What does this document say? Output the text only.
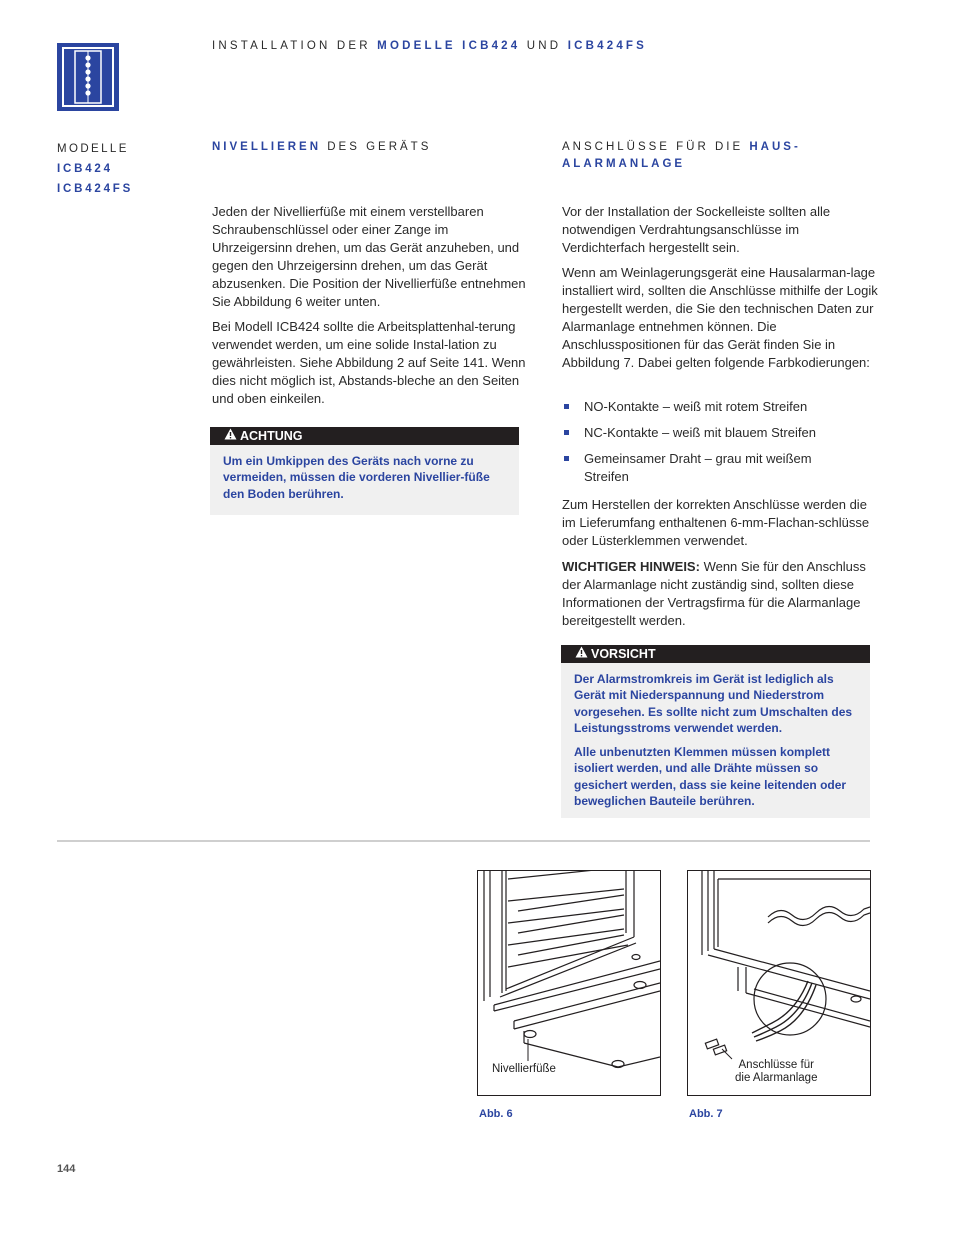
INSTALLATION DER MODELLE ICB424 UND ICB424FS
MODELLE
ICB424
ICB424FS
NIVELLIEREN DES GERÄTS

Jeden der Nivellierfüße mit einem verstellbaren Schraubenschlüssel oder einer Zange im Uhrzeigersinn drehen, um das Gerät anzuheben, und gegen den Uhrzeigersinn drehen, um das Gerät abzusenken. Die Position der Nivellierfüße entnehmen Sie Abbildung 6 weiter unten.

Bei Modell ICB424 sollte die Arbeitsplattenhal-terung verwendet werden, um eine solide Instal-lation zu gewährleisten. Siehe Abbildung 2 auf Seite 141. Wenn dies nicht möglich ist, Abstands-bleche an den Seiten und oben einkeilen.

ACHTUNG

Um ein Umkippen des Geräts nach vorne zu vermeiden, müssen die vorderen Nivellier-füße den Boden berühren.

ANSCHLÜSSE FÜR DIE HAUS-
ALARMANLAGE

Vor der Installation der Sockelleiste sollten alle notwendigen Verdrahtungsanschlüsse im Verdichterfach hergestellt sein.

Wenn am Weinlagerungsgerät eine Hausalarman-lage installiert wird, sollten die Anschlüsse mithilfe der Logik hergestellt werden, die Sie den technischen Daten zur Alarmanlage entnehmen können. Die Anschlusspositionen für das Gerät finden Sie in Abbildung 7. Dabei gelten folgende Farbkodierungen:

NO-Kontakte – weiß mit rotem Streifen
NC-Kontakte – weiß mit blauem Streifen
Gemeinsamer Draht – grau mit weißem Streifen

Zum Herstellen der korrekten Anschlüsse werden die im Lieferumfang enthaltenen 6-mm-Flachan-schlüsse oder Lüsterklemmen verwendet.

WICHTIGER HINWEIS: Wenn Sie für den Anschluss der Alarmanlage nicht zuständig sind, sollten diese Informationen der Vertragsfirma für die Alarmanlage bereitgestellt werden.

VORSICHT

Der Alarmstromkreis im Gerät ist lediglich als Gerät mit Niederspannung und Niederstrom vorgesehen. Es sollte nicht zum Umschalten des Leistungsstroms verwendet werden.

Alle unbenutzten Klemmen müssen komplett isoliert werden, und alle Drähte müssen so gesichert werden, dass sie keine leitenden oder beweglichen Bauteile berühren.

Nivellierfüße
Abb. 6
Anschlüsse für
die Alarmanlage
Abb. 7
144
